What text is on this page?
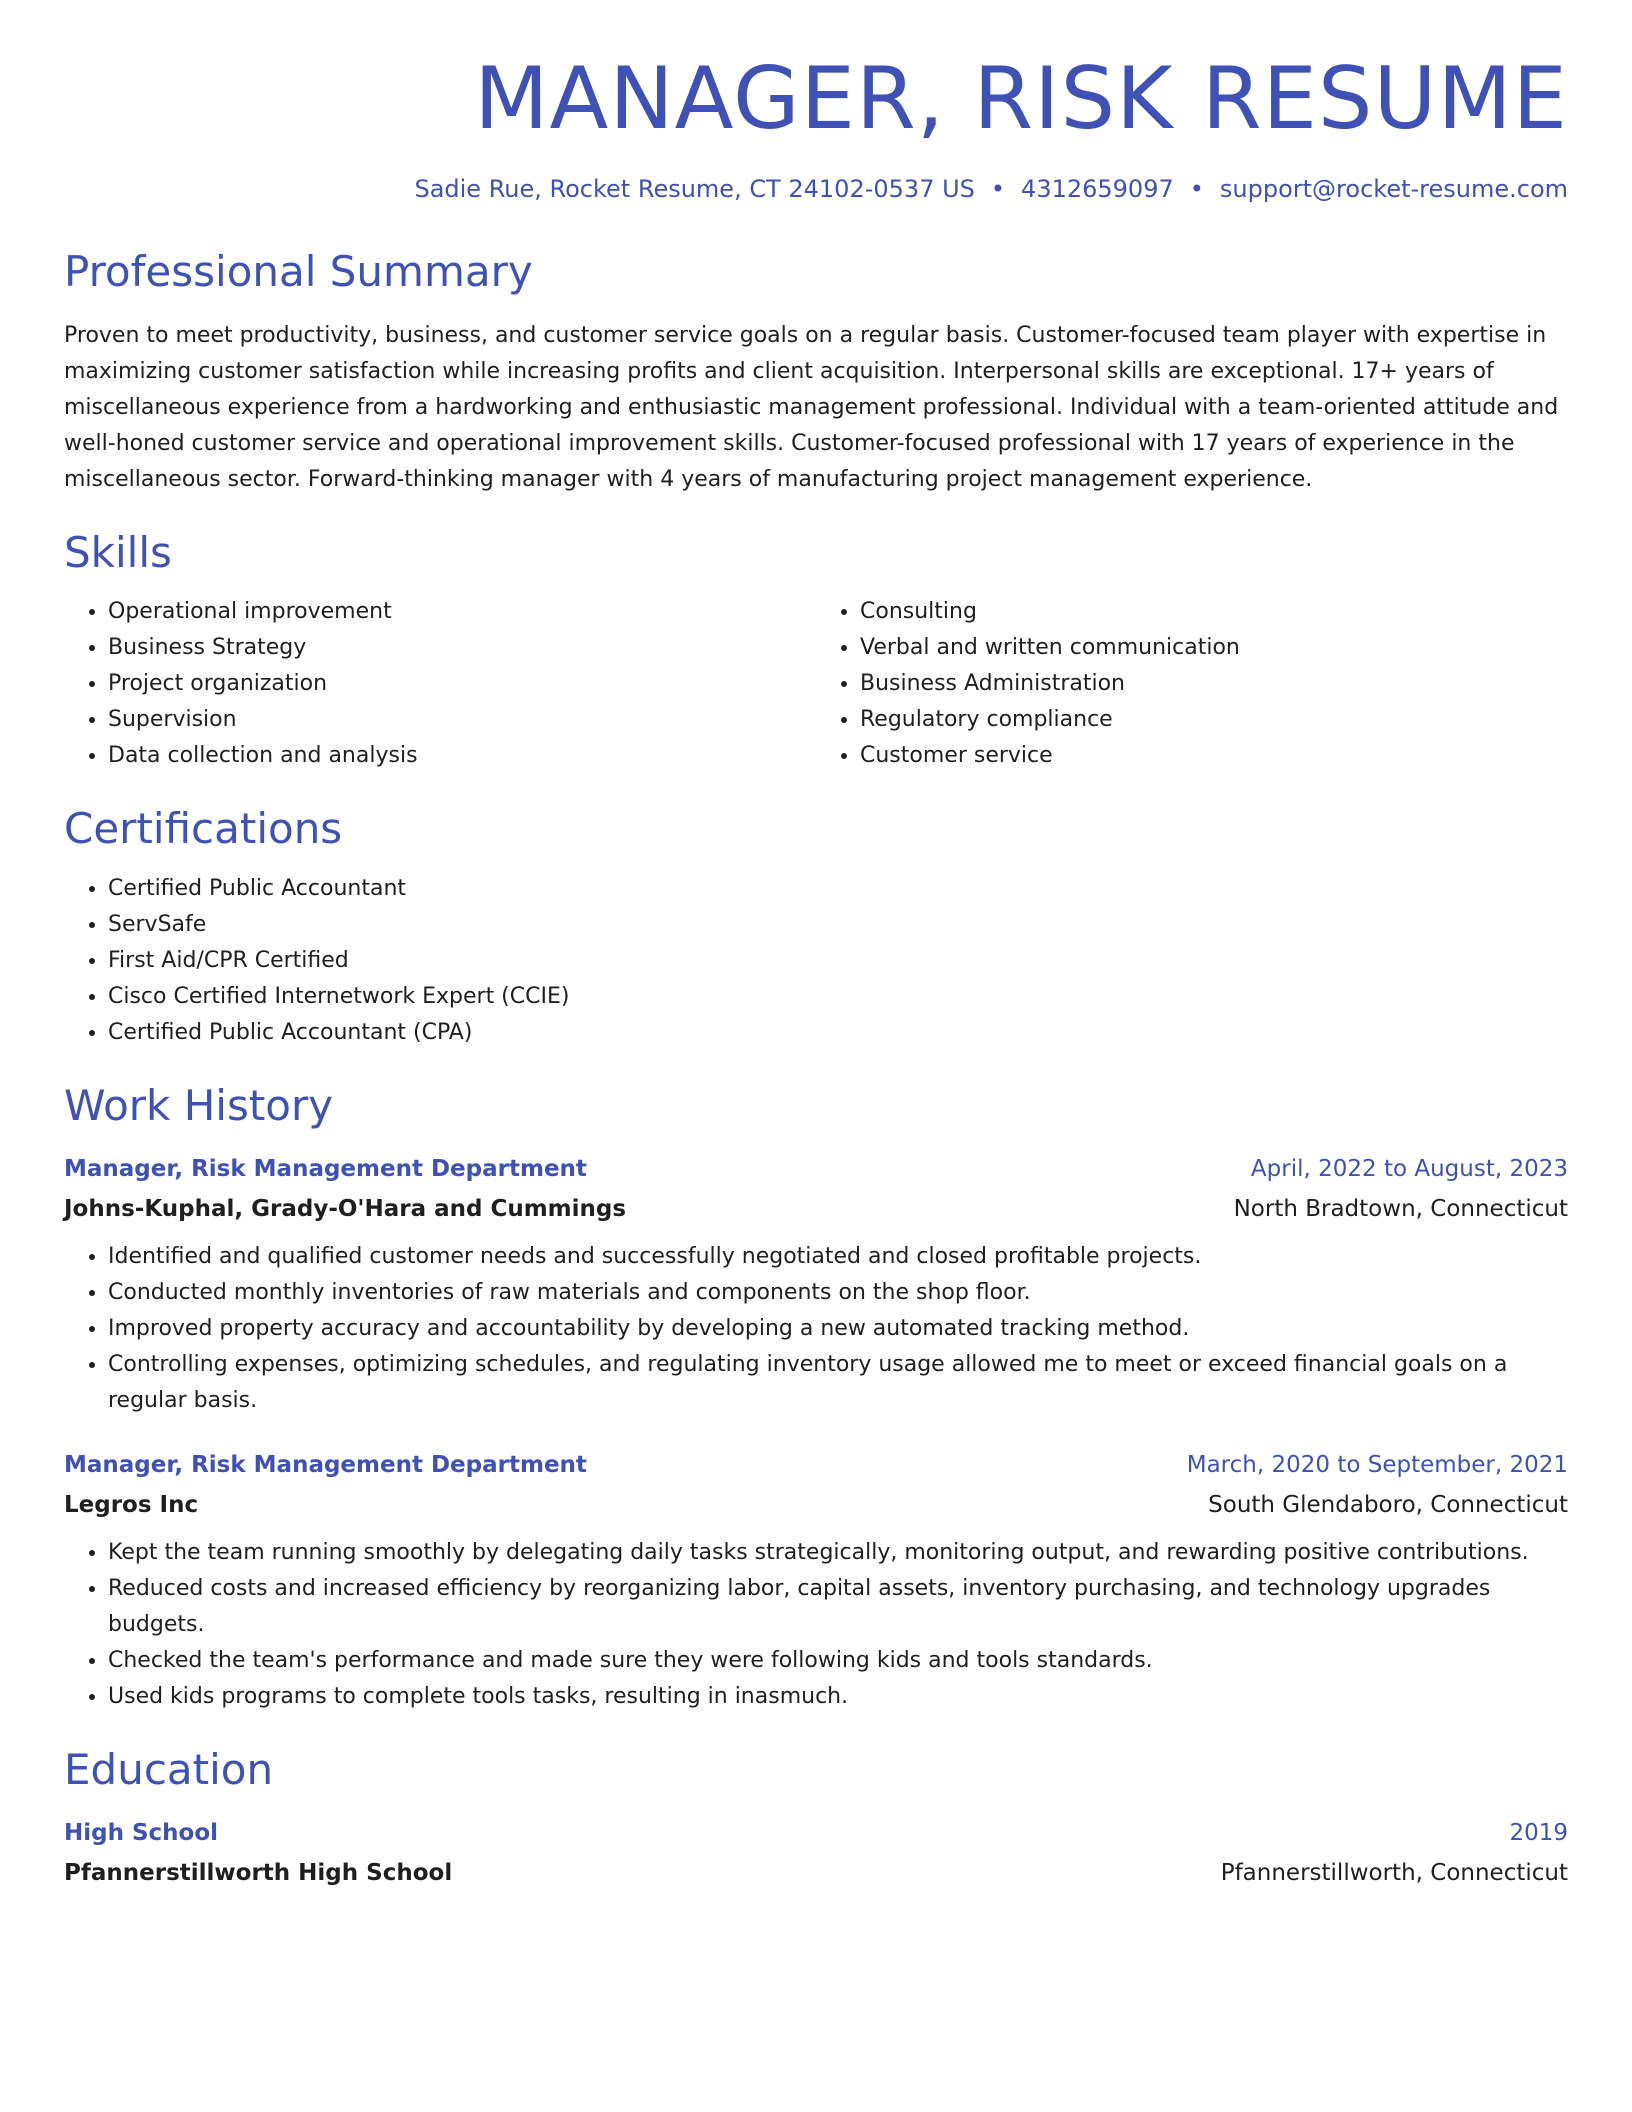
MANAGER, RISK RESUME
Sadie Rue, Rocket Resume, CT 24102-0537 US • 4312659097 • support@rocket-resume.com
Professional Summary

Proven to meet productivity, business, and customer service goals on a regular basis. Customer-focused team player with expertise in maximizing customer satisfaction while increasing profits and client acquisition. Interpersonal skills are exceptional. 17+ years of miscellaneous experience from a hardworking and enthusiastic management professional. Individual with a team-oriented attitude and well-honed customer service and operational improvement skills. Customer-focused professional with 17 years of experience in the miscellaneous sector. Forward-thinking manager with 4 years of manufacturing project management experience.

Skills
• Operational improvement
• Business Strategy
• Project organization
• Supervision
• Data collection and analysis
• Consulting
• Verbal and written communication
• Business Administration
• Regulatory compliance
• Customer service
Certifications
• Certified Public Accountant
• ServSafe
• First Aid/CPR Certified
• Cisco Certified Internetwork Expert (CCIE)
• Certified Public Accountant (CPA)
Work History
Manager, Risk Management Department	April, 2022 to August, 2023
Johns-Kuphal, Grady-O'Hara and Cummings	North Bradtown, Connecticut
• Identified and qualified customer needs and successfully negotiated and closed profitable projects.
• Conducted monthly inventories of raw materials and components on the shop floor.
• Improved property accuracy and accountability by developing a new automated tracking method.
• Controlling expenses, optimizing schedules, and regulating inventory usage allowed me to meet or exceed financial goals on a regular basis.
Manager, Risk Management Department	March, 2020 to September, 2021
Legros Inc	South Glendaboro, Connecticut
• Kept the team running smoothly by delegating daily tasks strategically, monitoring output, and rewarding positive contributions.
• Reduced costs and increased efficiency by reorganizing labor, capital assets, inventory purchasing, and technology upgrades budgets.
• Checked the team's performance and made sure they were following kids and tools standards.
• Used kids programs to complete tools tasks, resulting in inasmuch.
Education
High School	2019
Pfannerstillworth High School	Pfannerstillworth, Connecticut
